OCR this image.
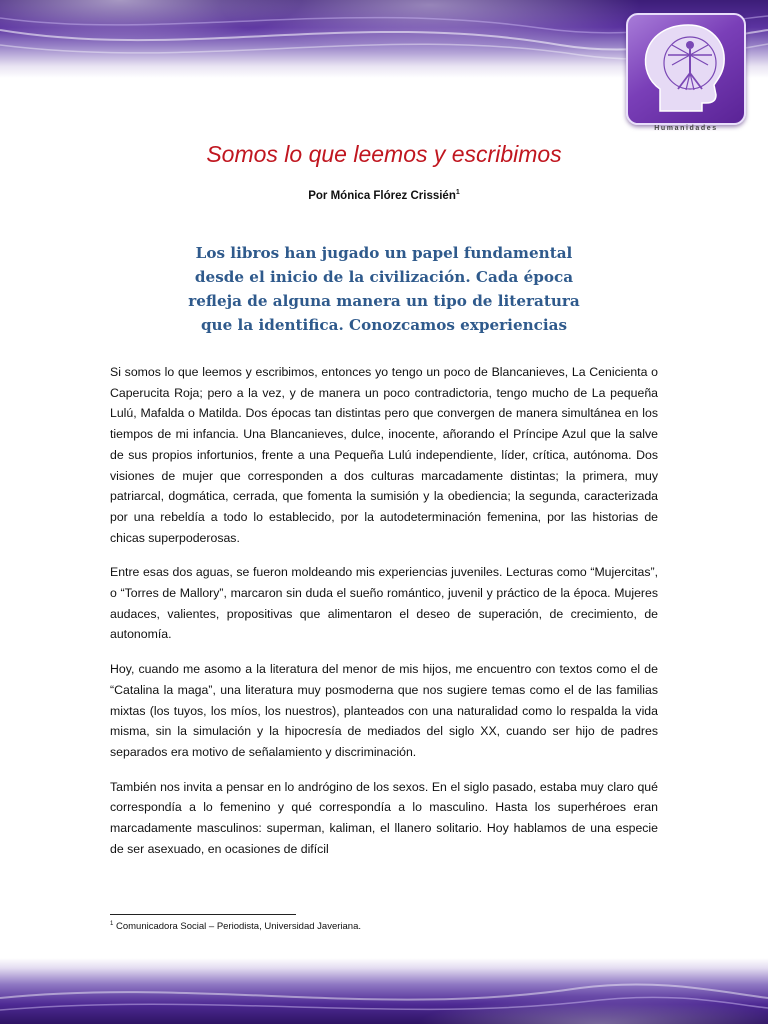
Humanidades
Somos lo que leemos y escribimos
Por Mónica Flórez Crissién$^1$
Los libros han jugado un papel fundamental desde el inicio de la civilización. Cada época refleja de alguna manera un tipo de literatura que la identifica. Conozcamos experiencias

Si somos lo que leemos y escribimos, entonces yo tengo un poco de Blancanieves, La Cenicienta o Caperucita Roja; pero a la vez, y de manera un poco contradictoria, tengo mucho de La pequeña Lulú, Mafalda o Matilda. Dos épocas tan distintas pero que convergen de manera simultánea en los tiempos de mi infancia. Una Blancanieves, dulce, inocente, añorando el Príncipe Azul que la salve de sus propios infortunios, frente a una Pequeña Lulú independiente, líder, crítica, autónoma. Dos visiones de mujer que corresponden a dos culturas marcadamente distintas; la primera, muy patriarcal, dogmática, cerrada, que fomenta la sumisión y la obediencia; la segunda, caracterizada por una rebeldía a todo lo establecido, por la autodeterminación femenina, por las historias de chicas superpoderosas.

Entre esas dos aguas, se fueron moldeando mis experiencias juveniles. Lecturas como “Mujercitas”, o “Torres de Mallory”, marcaron sin duda el sueño romántico, juvenil y práctico de la época. Mujeres audaces, valientes, propositivas que alimentaron el deseo de superación, de crecimiento, de autonomía.

Hoy, cuando me asomo a la literatura del menor de mis hijos, me encuentro con textos como el de “Catalina la maga”, una literatura muy posmoderna que nos sugiere temas como el de las familias mixtas (los tuyos, los míos, los nuestros), planteados con una naturalidad como lo respalda la vida misma, sin la simulación y la hipocresía de mediados del siglo XX, cuando ser hijo de padres separados era motivo de señalamiento y discriminación.

También nos invita a pensar en lo andrógino de los sexos. En el siglo pasado, estaba muy claro qué correspondía a lo femenino y qué correspondía a lo masculino. Hasta los superhéroes eran marcadamente masculinos: superman, kaliman, el llanero solitario. Hoy hablamos de una especie de ser asexuado, en ocasiones de difícil

$^1$ Comunicadora Social – Periodista, Universidad Javeriana.
